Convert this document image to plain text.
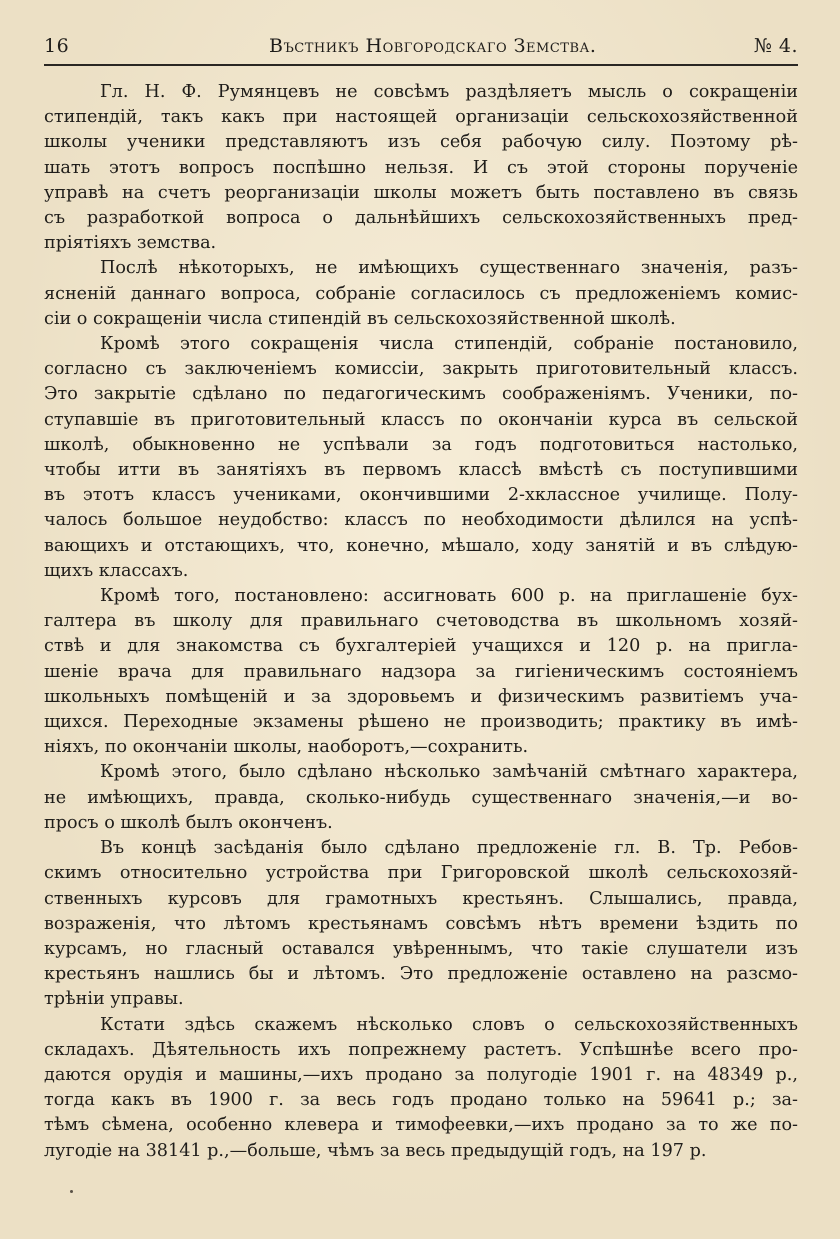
16	Въстникъ Новгородскаго Земства.	№ 4.
Гл. Н. Ф. Румянцевъ не совсѣмъ раздѣляетъ мысль о сокращеніи
стипендій, такъ какъ при настоящей организаціи сельскохозяйственной
школы ученики представляютъ изъ себя рабочую силу. Поэтому рѣ-
шать этотъ вопросъ поспѣшно нельзя. И съ этой стороны порученіе
управѣ на счетъ реорганизаціи школы можетъ быть поставлено въ связь
съ разработкой вопроса о дальнѣйшихъ сельскохозяйственныхъ пред-
пріятіяхъ земства.
Послѣ нѣкоторыхъ, не имѣющихъ существеннаго значенія, разъ-
ясненій даннаго вопроса, собраніе согласилось съ предложеніемъ комис-
сіи о сокращеніи числа стипендій въ сельскохозяйственной школѣ.
Кромѣ этого сокращенія числа стипендій, собраніе постановило,
согласно съ заключеніемъ комиссіи, закрыть приготовительный классъ.
Это закрытіе сдѣлано по педагогическимъ соображеніямъ. Ученики, по-
ступавшіе въ приготовительный классъ по окончаніи курса въ сельской
школѣ, обыкновенно не успѣвали за годъ подготовиться настолько,
чтобы итти въ занятіяхъ въ первомъ классѣ вмѣстѣ съ поступившими
въ этотъ классъ учениками, окончившими 2-хклассное училище. Полу-
чалось большое неудобство: классъ по необходимости дѣлился на успѣ-
вающихъ и отстающихъ, что, конечно, мѣшало, ходу занятій и въ слѣдую-
щихъ классахъ.
Кромѣ того, постановлено: ассигновать 600 р. на приглашеніе бух-
галтера въ школу для правильнаго счетоводства въ школьномъ хозяй-
ствѣ и для знакомства съ бухгалтеріей учащихся и 120 р. на пригла-
шеніе врача для правильнаго надзора за гигіеническимъ состояніемъ
школьныхъ помѣщеній и за здоровьемъ и физическимъ развитіемъ уча-
щихся. Переходные экзамены рѣшено не производить; практику въ имѣ-
ніяхъ, по окончаніи школы, наоборотъ,—сохранить.
Кромѣ этого, было сдѣлано нѣсколько замѣчаній смѣтнаго характера,
не имѣющихъ, правда, сколько-нибудь существеннаго значенія,—и во-
просъ о школѣ былъ оконченъ.
Въ концѣ засѣданія было сдѣлано предложеніе гл. В. Тр. Ребов-
скимъ относительно устройства при Григоровской школѣ сельскохозяй-
ственныхъ курсовъ для грамотныхъ крестьянъ. Слышались, правда,
возраженія, что лѣтомъ крестьянамъ совсѣмъ нѣтъ времени ѣздить по
курсамъ, но гласный оставался увѣреннымъ, что такіе слушатели изъ
крестьянъ нашлись бы и лѣтомъ. Это предложеніе оставлено на разсмо-
трѣніи управы.
Кстати здѣсь скажемъ нѣсколько словъ о сельскохозяйственныхъ
складахъ. Дѣятельность ихъ попрежнему растетъ. Успѣшнѣе всего про-
даются орудія и машины,—ихъ продано за полугодіе 1901 г. на 48349 р.,
тогда какъ въ 1900 г. за весь годъ продано только на 59641 р.; за-
тѣмъ сѣмена, особенно клевера и тимофеевки,—ихъ продано за то же по-
лугодіе на 38141 р.,—больше, чѣмъ за весь предыдущій годъ, на 197 р.
